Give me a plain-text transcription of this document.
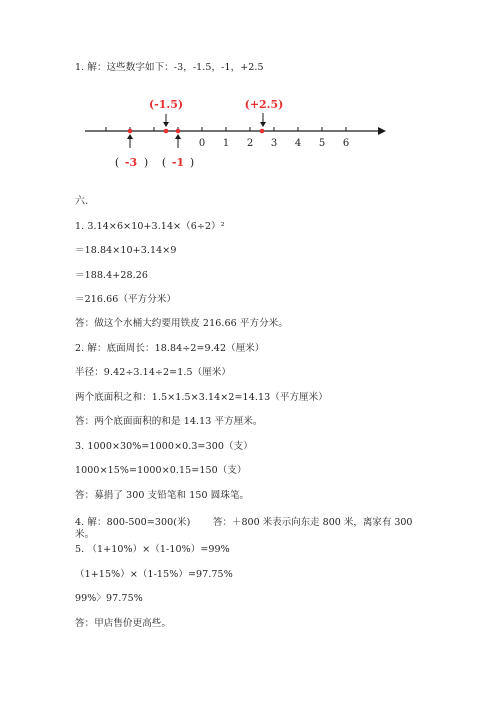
1. 解：这些数字如下：-3，-1.5，-1，+2.5
0 1 2 3 4 5 6
(-1.5)	(+2.5)
( -3 ) ( -1 )
六.
1. 3.14×6×10+3.14×（6÷2）²
＝18.84×10+3.14×9
＝188.4+28.26
＝216.66（平方分米）
答：做这个水桶大约要用铁皮 216.66 平方分米。
2. 解：底面周长：18.84÷2=9.42（厘米）
半径：9.42÷3.14÷2=1.5（厘米）
两个底面积之和：1.5×1.5×3.14×2=14.13（平方厘米）
答：两个底面面积的和是 14.13 平方厘米。
3. 1000×30%=1000×0.3=300（支）
1000×15%=1000×0.15=150（支）
答：募捐了 300 支铅笔和 150 圆珠笔。
4. 解：800-500=300(米) 答：＋800 米表示向东走 800 米，离家有 300
米。
5. （1+10%）×（1-10%）=99%
（1+15%）×（1-15%）=97.75%
99%〉97.75%
答：甲店售价更高些。
